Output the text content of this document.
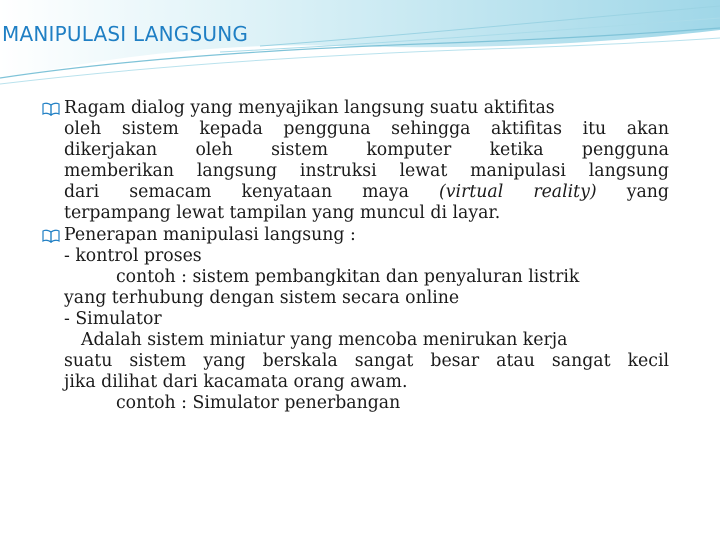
MANIPULASI LANGSUNG
Ragam dialog yang menyajikan langsung suatu aktifitas
oleh sistem kepada pengguna sehingga aktifitas itu akan
dikerjakan oleh sistem komputer ketika pengguna
memberikan langsung instruksi lewat manipulasi langsung
dari semacam kenyataan maya (virtual reality) yang
terpampang lewat tampilan yang muncul di layar.
Penerapan manipulasi langsung :
- kontrol proses
contoh : sistem pembangkitan dan penyaluran listrik
yang terhubung dengan sistem secara online
- Simulator
Adalah sistem miniatur yang mencoba menirukan kerja
suatu sistem yang berskala sangat besar atau sangat kecil
jika dilihat dari kacamata orang awam.
contoh : Simulator penerbangan
